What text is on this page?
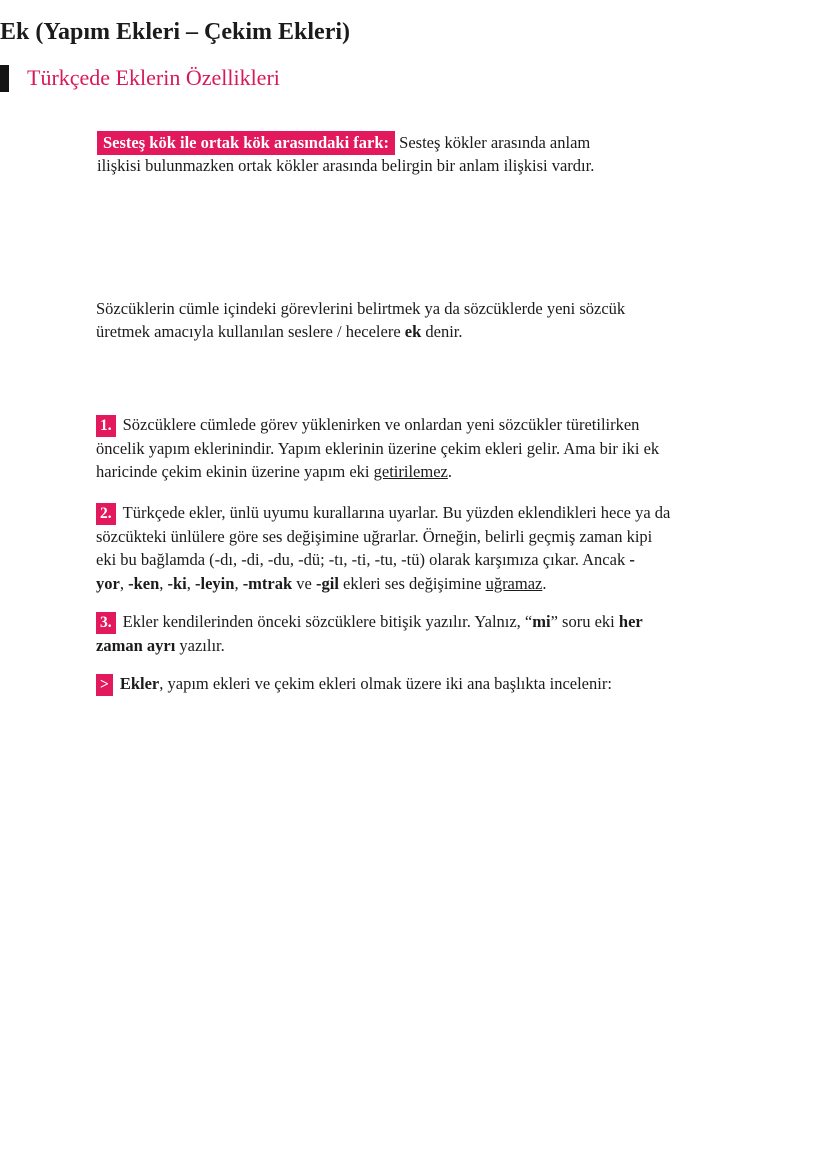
Sesteş kök ile ortak kök arasındaki fark: Sesteş kökler arasında anlam
ilişkisi bulunmazken ortak kökler arasında belirgin bir anlam ilişkisi vardır.

Ek (Yapım Ekleri – Çekim Ekleri)

Sözcüklerin cümle içindeki görevlerini belirtmek ya da sözcüklerde yeni sözcük
üretmek amacıyla kullanılan seslere / hecelere ek denir.

Türkçede Eklerin Özellikleri

1. Sözcüklere cümlede görev yüklenirken ve onlardan yeni sözcükler türetilirken
öncelik yapım eklerinindir. Yapım eklerinin üzerine çekim ekleri gelir. Ama bir iki ek
haricinde çekim ekinin üzerine yapım eki getirilemez.

2. Türkçede ekler, ünlü uyumu kurallarına uyarlar. Bu yüzden eklendikleri hece ya da
sözcükteki ünlülere göre ses değişimine uğrarlar. Örneğin, belirli geçmiş zaman kipi
eki bu bağlamda (-dı, -di, -du, -dü; -tı, -ti, -tu, -tü) olarak karşımıza çıkar. Ancak -
yor, -ken, -ki, -leyin, -mtrak ve -gil ekleri ses değişimine uğramaz.

3. Ekler kendilerinden önceki sözcüklere bitişik yazılır. Yalnız, “mi” soru eki her
zaman ayrı yazılır.

> Ekler, yapım ekleri ve çekim ekleri olmak üzere iki ana başlıkta incelenir:
